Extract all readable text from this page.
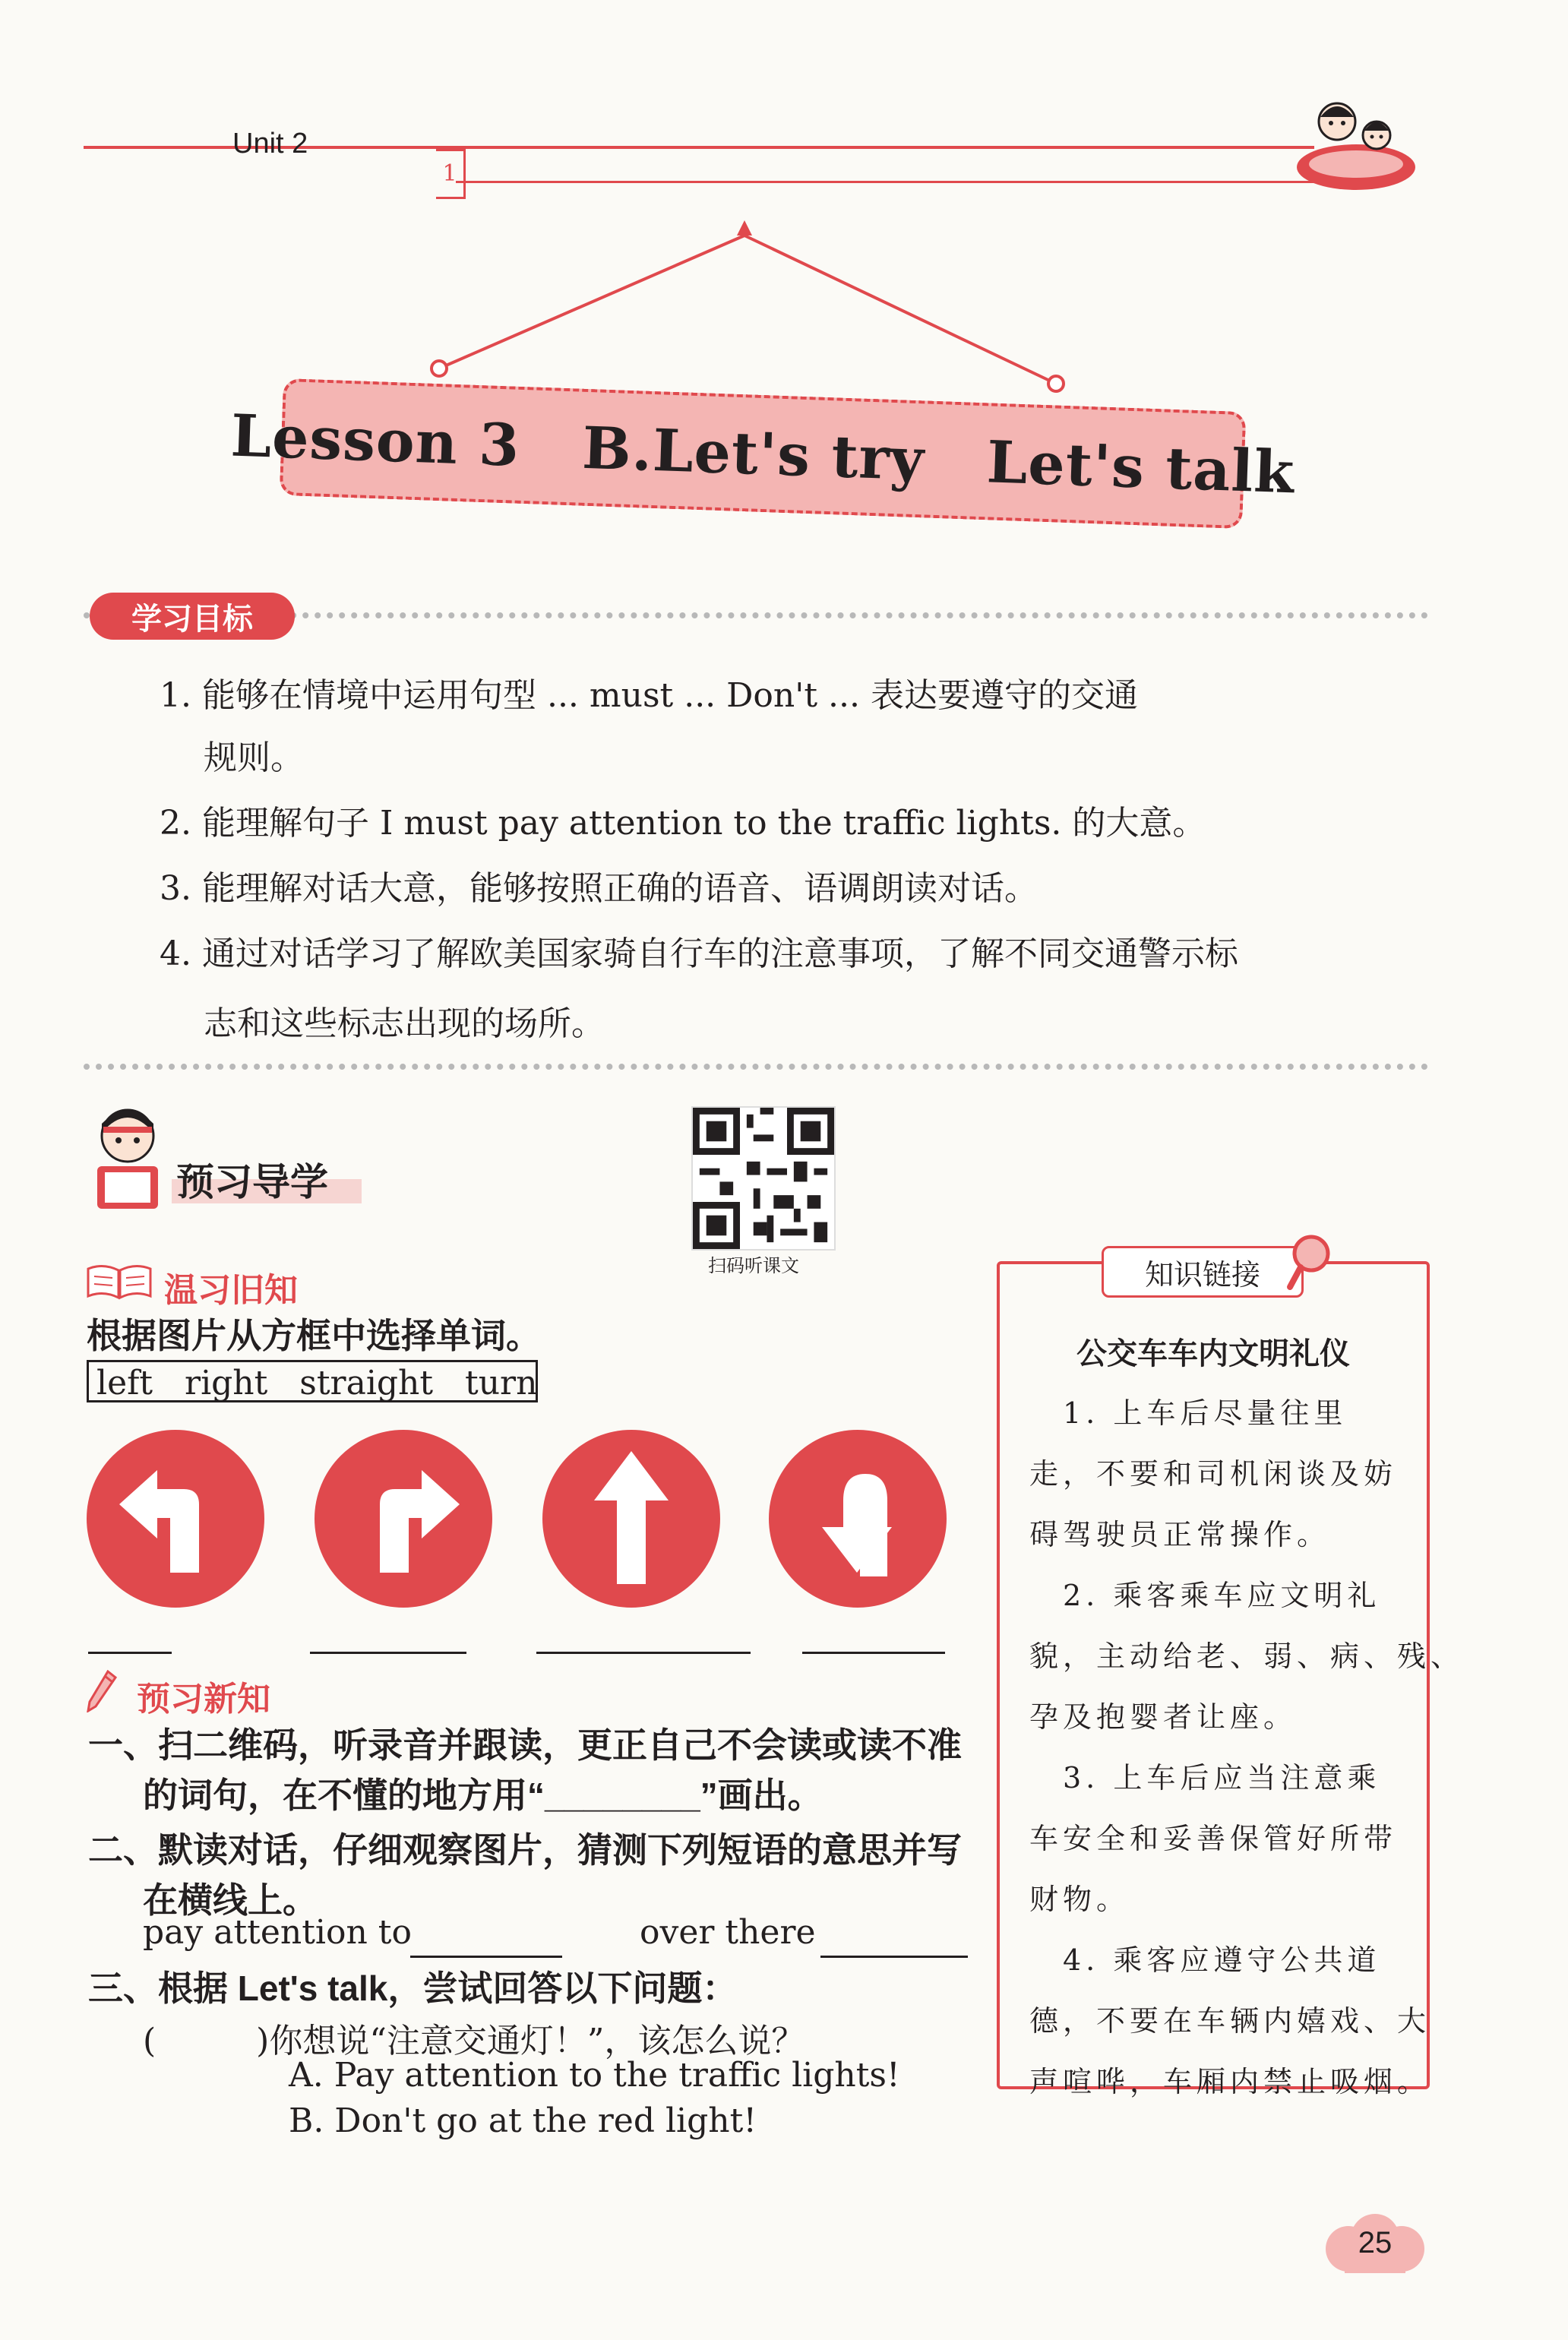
Unit 2
1
Lesson 3   B.Let's try   Let's talk
学习目标
1. 能够在情境中运用句型 ... must ... Don't ... 表达要遵守的交通
规则。
2. 能理解句子 I must pay attention to the traffic lights. 的大意。
3. 能理解对话大意，能够按照正确的语音、语调朗读对话。
4. 通过对话学习了解欧美国家骑自行车的注意事项，了解不同交通警示标
志和这些标志出现的场所。
预习导学
扫码听课文
温习旧知
根据图片从方框中选择单词。
left   right   straight   turn
预习新知
一、扫二维码，听录音并跟读，更正自己不会读或读不准
的词句，在不懂的地方用“________”画出。
二、默读对话，仔细观察图片，猜测下列短语的意思并写
在横线上。
pay attention to	over there
三、根据 Let's talk，尝试回答以下问题：
(　　　)你想说“注意交通灯！”，该怎么说？
A. Pay attention to the traffic lights!
B. Don't go at the red light!
知识链接
公交车车内文明礼仪
　1. 上车后尽量往里
走，不要和司机闲谈及妨
碍驾驶员正常操作。
　2. 乘客乘车应文明礼
貌，主动给老、弱、病、残、
孕及抱婴者让座。
　3. 上车后应当注意乘
车安全和妥善保管好所带
财物。
　4. 乘客应遵守公共道
德，不要在车辆内嬉戏、大
声喧哗，车厢内禁止吸烟。
25
